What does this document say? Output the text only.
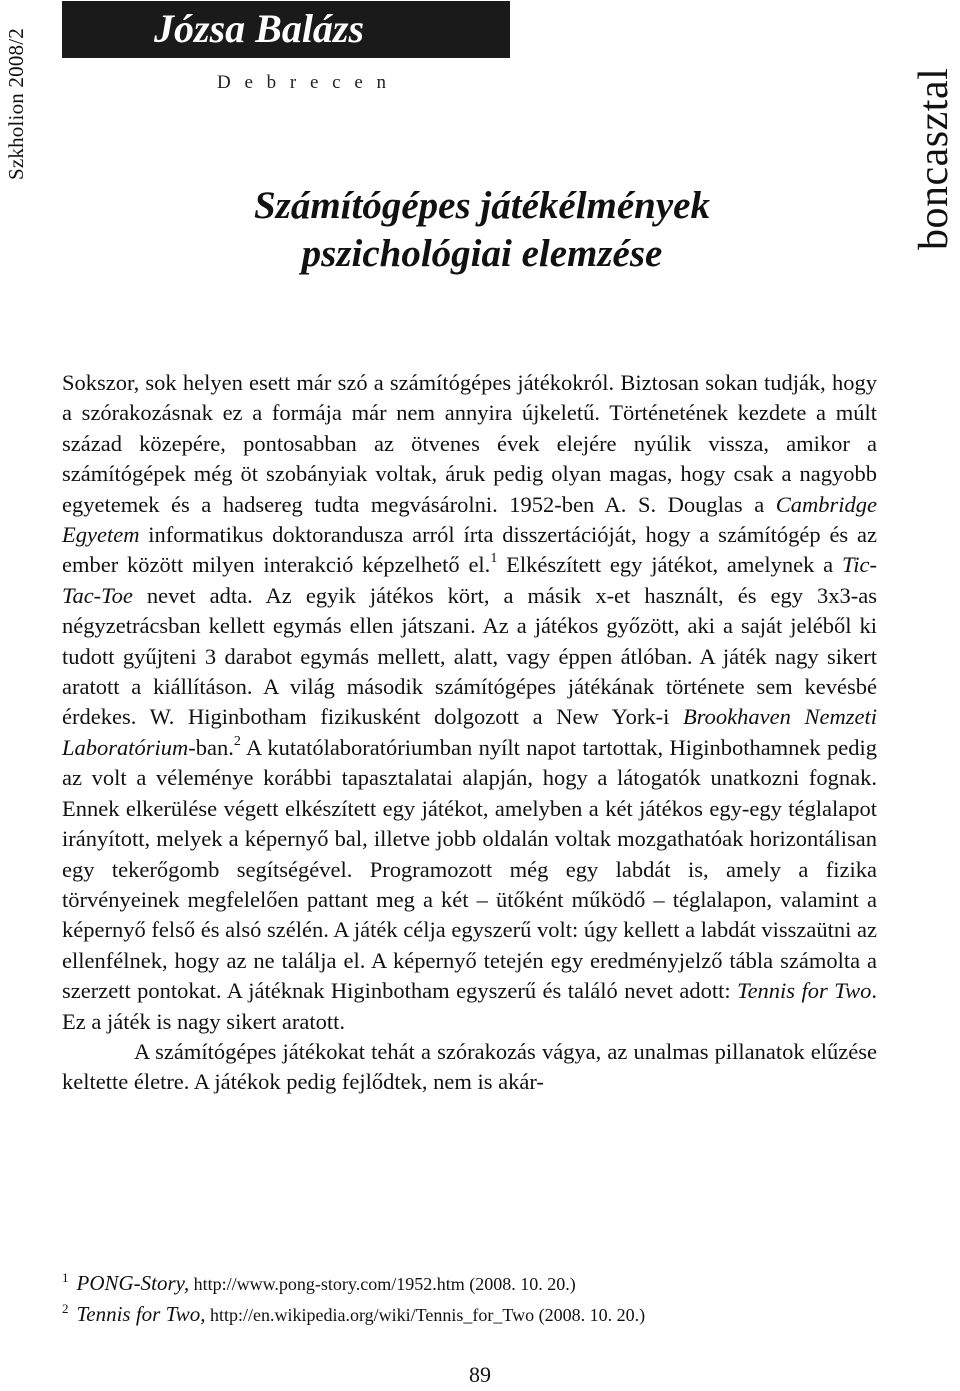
Szkholion 2008/2	boncasztal
Józsa Balázs
D e b r e c e n
Számítógépes játékélmények
pszichológiai elemzése

Sokszor, sok helyen esett már szó a számítógépes játékokról. Biztosan sokan tudják, hogy a szórakozásnak ez a formája már nem annyira újkeletű. Történetének kezdete a múlt század közepére, pontosabban az ötvenes évek elejére nyúlik vissza, amikor a számítógépek még öt szobányiak voltak, áruk pedig olyan magas, hogy csak a nagyobb egyetemek és a hadsereg tudta megvásárolni. 1952-ben A. S. Douglas a Cambridge Egyetem informatikus doktorandusza arról írta disszertációját, hogy a számítógép és az ember között milyen interakció képzelhető el.$^1$ Elkészített egy játékot, amelynek a Tic-Tac-Toe nevet adta. Az egyik játékos kört, a másik x-et használt, és egy 3x3-as négyzetrácsban kellett egymás ellen játszani. Az a játékos győzött, aki a saját jeléből ki tudott gyűjteni 3 darabot egymás mellett, alatt, vagy éppen átlóban. A játék nagy sikert aratott a kiállításon. A világ második számítógépes játékának története sem kevésbé érdekes. W. Higinbotham fizikusként dolgozott a New York-i Brookhaven Nemzeti Laboratórium-ban.$^2$ A kutatólaboratóriumban nyílt napot tartottak, Higinbothamnek pedig az volt a véleménye korábbi tapasztalatai alapján, hogy a látogatók unatkozni fognak. Ennek elkerülése végett elkészített egy játékot, amelyben a két játékos egy-egy téglalapot irányított, melyek a képernyő bal, illetve jobb oldalán voltak mozgathatóak horizontálisan egy tekerőgomb segítségével. Programozott még egy labdát is, amely a fizika törvényeinek megfelelően pattant meg a két – ütőként működő – téglalapon, valamint a képernyő felső és alsó szélén. A játék célja egyszerű volt: úgy kellett a labdát visszaütni az ellenfélnek, hogy az ne találja el. A képernyő tetején egy eredményjelző tábla számolta a szerzett pontokat. A játéknak Higinbotham egyszerű és találó nevet adott: Tennis for Two. Ez a játék is nagy sikert aratott.

A számítógépes játékokat tehát a szórakozás vágya, az unalmas pillanatok elűzése keltette életre. A játékok pedig fejlődtek, nem is akár-

$^1$ PONG-Story, http://www.pong-story.com/1952.htm (2008. 10. 20.)
$^2$ Tennis for Two, http://en.wikipedia.org/wiki/Tennis_for_Two (2008. 10. 20.)
89
